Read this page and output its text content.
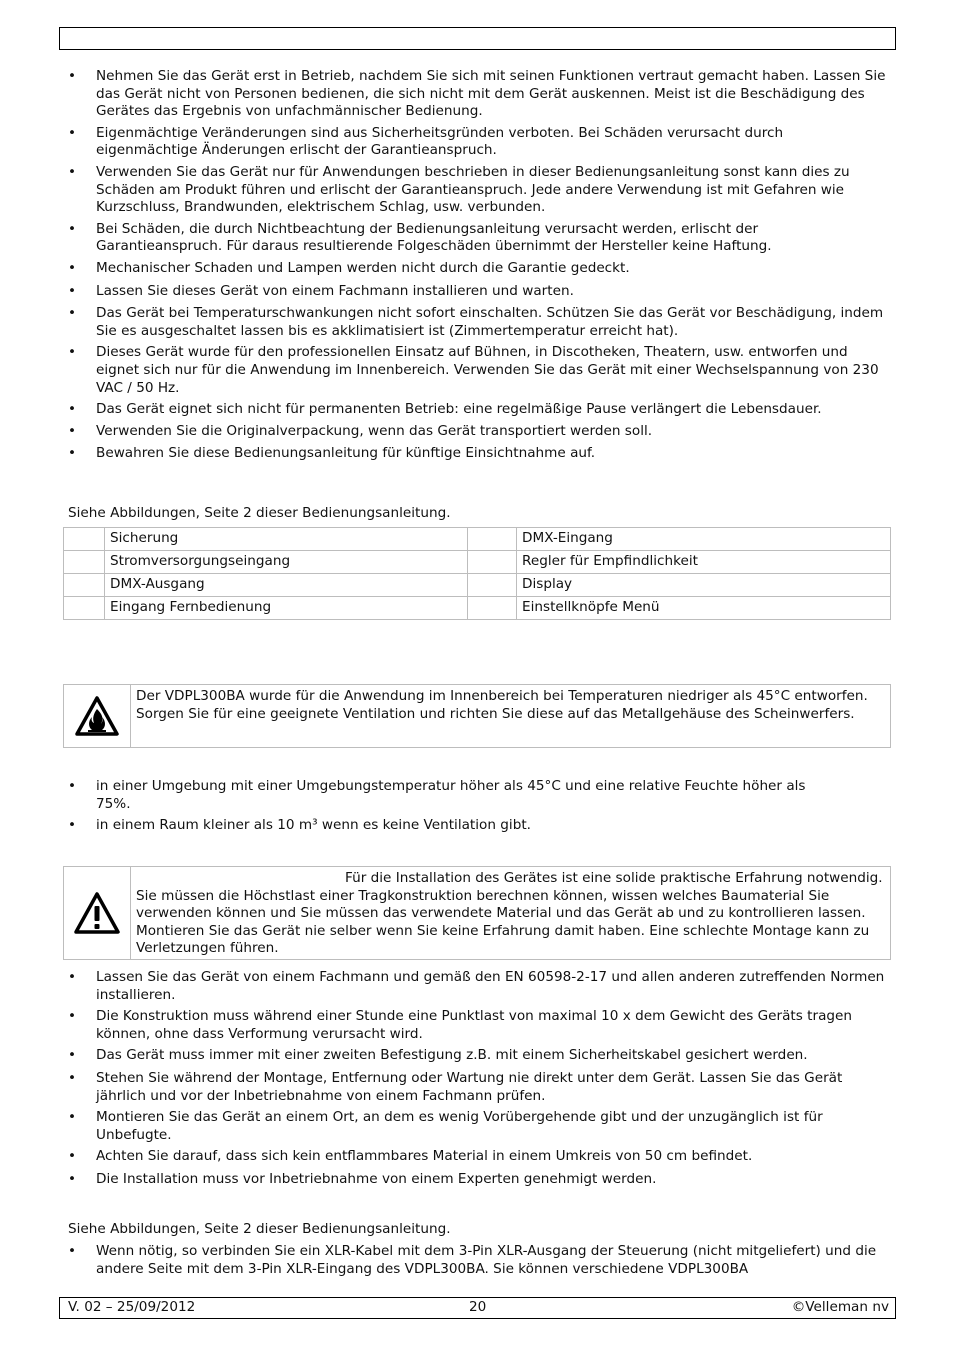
• Nehmen Sie das Gerät erst in Betrieb, nachdem Sie sich mit seinen Funktionen vertraut gemacht haben. Lassen Sie das Gerät nicht von Personen bedienen, die sich nicht mit dem Gerät auskennen. Meist ist die Beschädigung des Gerätes das Ergebnis von unfachmännischer Bedienung.
• Eigenmächtige Veränderungen sind aus Sicherheitsgründen verboten. Bei Schäden verursacht durch eigenmächtige Änderungen erlischt der Garantieanspruch.
• Verwenden Sie das Gerät nur für Anwendungen beschrieben in dieser Bedienungsanleitung sonst kann dies zu Schäden am Produkt führen und erlischt der Garantieanspruch. Jede andere Verwendung ist mit Gefahren wie Kurzschluss, Brandwunden, elektrischem Schlag, usw. verbunden.
• Bei Schäden, die durch Nichtbeachtung der Bedienungsanleitung verursacht werden, erlischt der Garantieanspruch. Für daraus resultierende Folgeschäden übernimmt der Hersteller keine Haftung.
• Mechanischer Schaden und Lampen werden nicht durch die Garantie gedeckt.
• Lassen Sie dieses Gerät von einem Fachmann installieren und warten.
• Das Gerät bei Temperaturschwankungen nicht sofort einschalten. Schützen Sie das Gerät vor Beschädigung, indem Sie es ausgeschaltet lassen bis es akklimatisiert ist (Zimmertemperatur erreicht hat).
• Dieses Gerät wurde für den professionellen Einsatz auf Bühnen, in Discotheken, Theatern, usw. entworfen und eignet sich nur für die Anwendung im Innenbereich. Verwenden Sie das Gerät mit einer Wechselspannung von 230 VAC / 50 Hz.
• Das Gerät eignet sich nicht für permanenten Betrieb: eine regelmäßige Pause verlängert die Lebensdauer.
• Verwenden Sie die Originalverpackung, wenn das Gerät transportiert werden soll.
• Bewahren Sie diese Bedienungsanleitung für künftige Einsichtnahme auf.

Siehe Abbildungen, Seite 2 dieser Bedienungsanleitung.

	Sicherung		DMX-Eingang
	Stromversorgungseingang		Regler für Empfindlichkeit
	DMX-Ausgang		Display
	Eingang Fernbedienung		Einstellknöpfe Menü
Der VDPL300BA wurde für die Anwendung im Innenbereich bei Temperaturen niedriger als 45°C entworfen. Sorgen Sie für eine geeignete Ventilation und richten Sie diese auf das Metallgehäuse des Scheinwerfers.
• in einer Umgebung mit einer Umgebungstemperatur höher als 45°C und eine relative Feuchte höher als 75%.
• in einem Raum kleiner als 10 m³ wenn es keine Ventilation gibt.
Für die Installation des Gerätes ist eine solide praktische Erfahrung notwendig. Sie müssen die Höchstlast einer Tragkonstruktion berechnen können, wissen welches Baumaterial Sie verwenden können und Sie müssen das verwendete Material und das Gerät ab und zu kontrollieren lassen. Montieren Sie das Gerät nie selber wenn Sie keine Erfahrung damit haben. Eine schlechte Montage kann zu Verletzungen führen.
• Lassen Sie das Gerät von einem Fachmann und gemäß den EN 60598-2-17 und allen anderen zutreffenden Normen installieren.
• Die Konstruktion muss während einer Stunde eine Punktlast von maximal 10 x dem Gewicht des Geräts tragen können, ohne dass Verformung verursacht wird.
• Das Gerät muss immer mit einer zweiten Befestigung z.B. mit einem Sicherheitskabel gesichert werden.
• Stehen Sie während der Montage, Entfernung oder Wartung nie direkt unter dem Gerät. Lassen Sie das Gerät jährlich und vor der Inbetriebnahme von einem Fachmann prüfen.
• Montieren Sie das Gerät an einem Ort, an dem es wenig Vorübergehende gibt und der unzugänglich ist für Unbefugte.
• Achten Sie darauf, dass sich kein entflammbares Material in einem Umkreis von 50 cm befindet.
• Die Installation muss vor Inbetriebnahme von einem Experten genehmigt werden.

Siehe Abbildungen, Seite 2 dieser Bedienungsanleitung.

• Wenn nötig, so verbinden Sie ein XLR-Kabel mit dem 3-Pin XLR-Ausgang der Steuerung (nicht mitgeliefert) und die andere Seite mit dem 3-Pin XLR-Eingang des VDPL300BA. Sie können verschiedene VDPL300BA
V. 02 – 25/09/2012	20	©Velleman nv
